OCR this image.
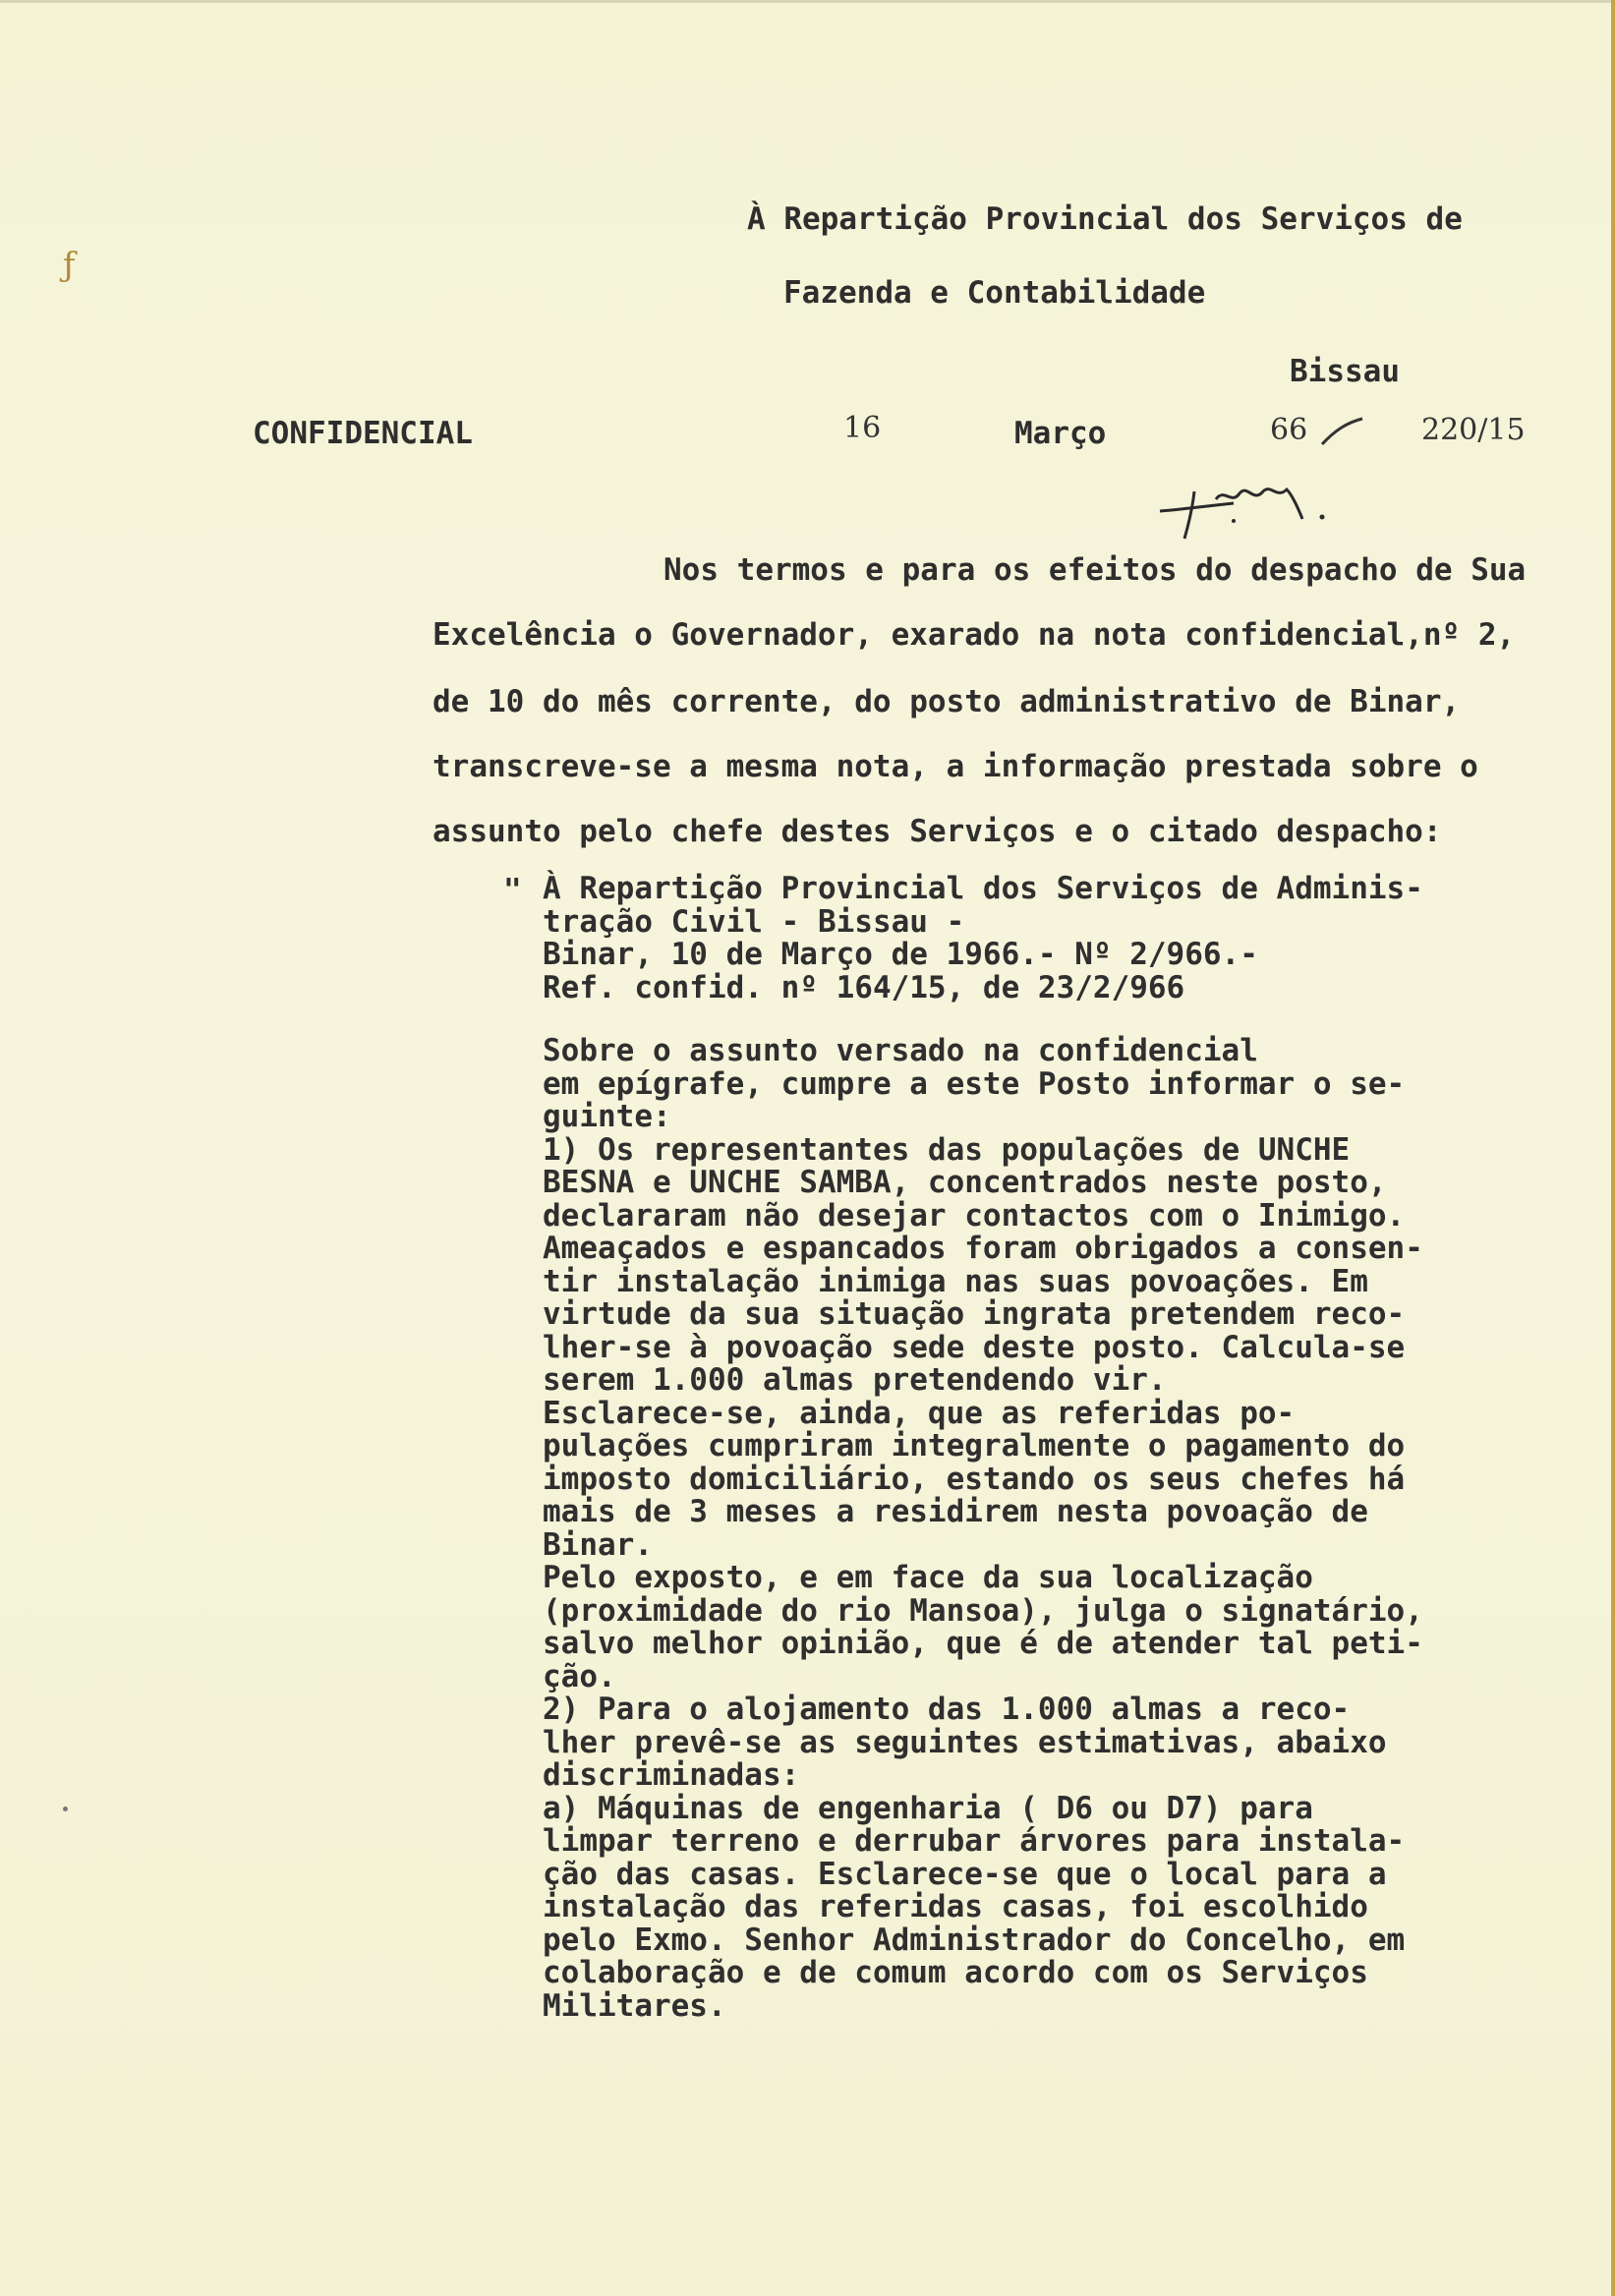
ƒ
À Repartição Provincial dos Serviços de
Fazenda e Contabilidade
Bissau
CONFIDENCIAL	16	Março	66	220/15
Nos termos e para os efeitos do despacho de Sua
Excelência o Governador, exarado na nota confidencial,nº 2,
de 10 do mês corrente, do posto administrativo de Binar,
transcreve-se a mesma nota, a informação prestada sobre o
assunto pelo chefe destes Serviços e o citado despacho:
" À Repartição Provincial dos Serviços de Adminis-
tração Civil - Bissau -
Binar, 10 de Março de 1966.- Nº 2/966.-
Ref. confid. nº 164/15, de 23/2/966
Sobre o assunto versado na confidencial
em epígrafe, cumpre a este Posto informar o se-
guinte:
1) Os representantes das populações de UNCHE
BESNA e UNCHE SAMBA, concentrados neste posto,
declararam não desejar contactos com o Inimigo.
Ameaçados e espancados foram obrigados a consen-
tir instalação inimiga nas suas povoações. Em
virtude da sua situação ingrata pretendem reco-
lher-se à povoação sede deste posto. Calcula-se
serem 1.000 almas pretendendo vir.
Esclarece-se, ainda, que as referidas po-
pulações cumpriram integralmente o pagamento do
imposto domiciliário, estando os seus chefes há
mais de 3 meses a residirem nesta povoação de
Binar.
Pelo exposto, e em face da sua localização
(proximidade do rio Mansoa), julga o signatário,
salvo melhor opinião, que é de atender tal peti-
ção.
2) Para o alojamento das 1.000 almas a reco-
lher prevê-se as seguintes estimativas, abaixo
discriminadas:
a) Máquinas de engenharia ( D6 ou D7) para
limpar terreno e derrubar árvores para instala-
ção das casas. Esclarece-se que o local para a
instalação das referidas casas, foi escolhido
pelo Exmo. Senhor Administrador do Concelho, em
colaboração e de comum acordo com os Serviços
Militares.
